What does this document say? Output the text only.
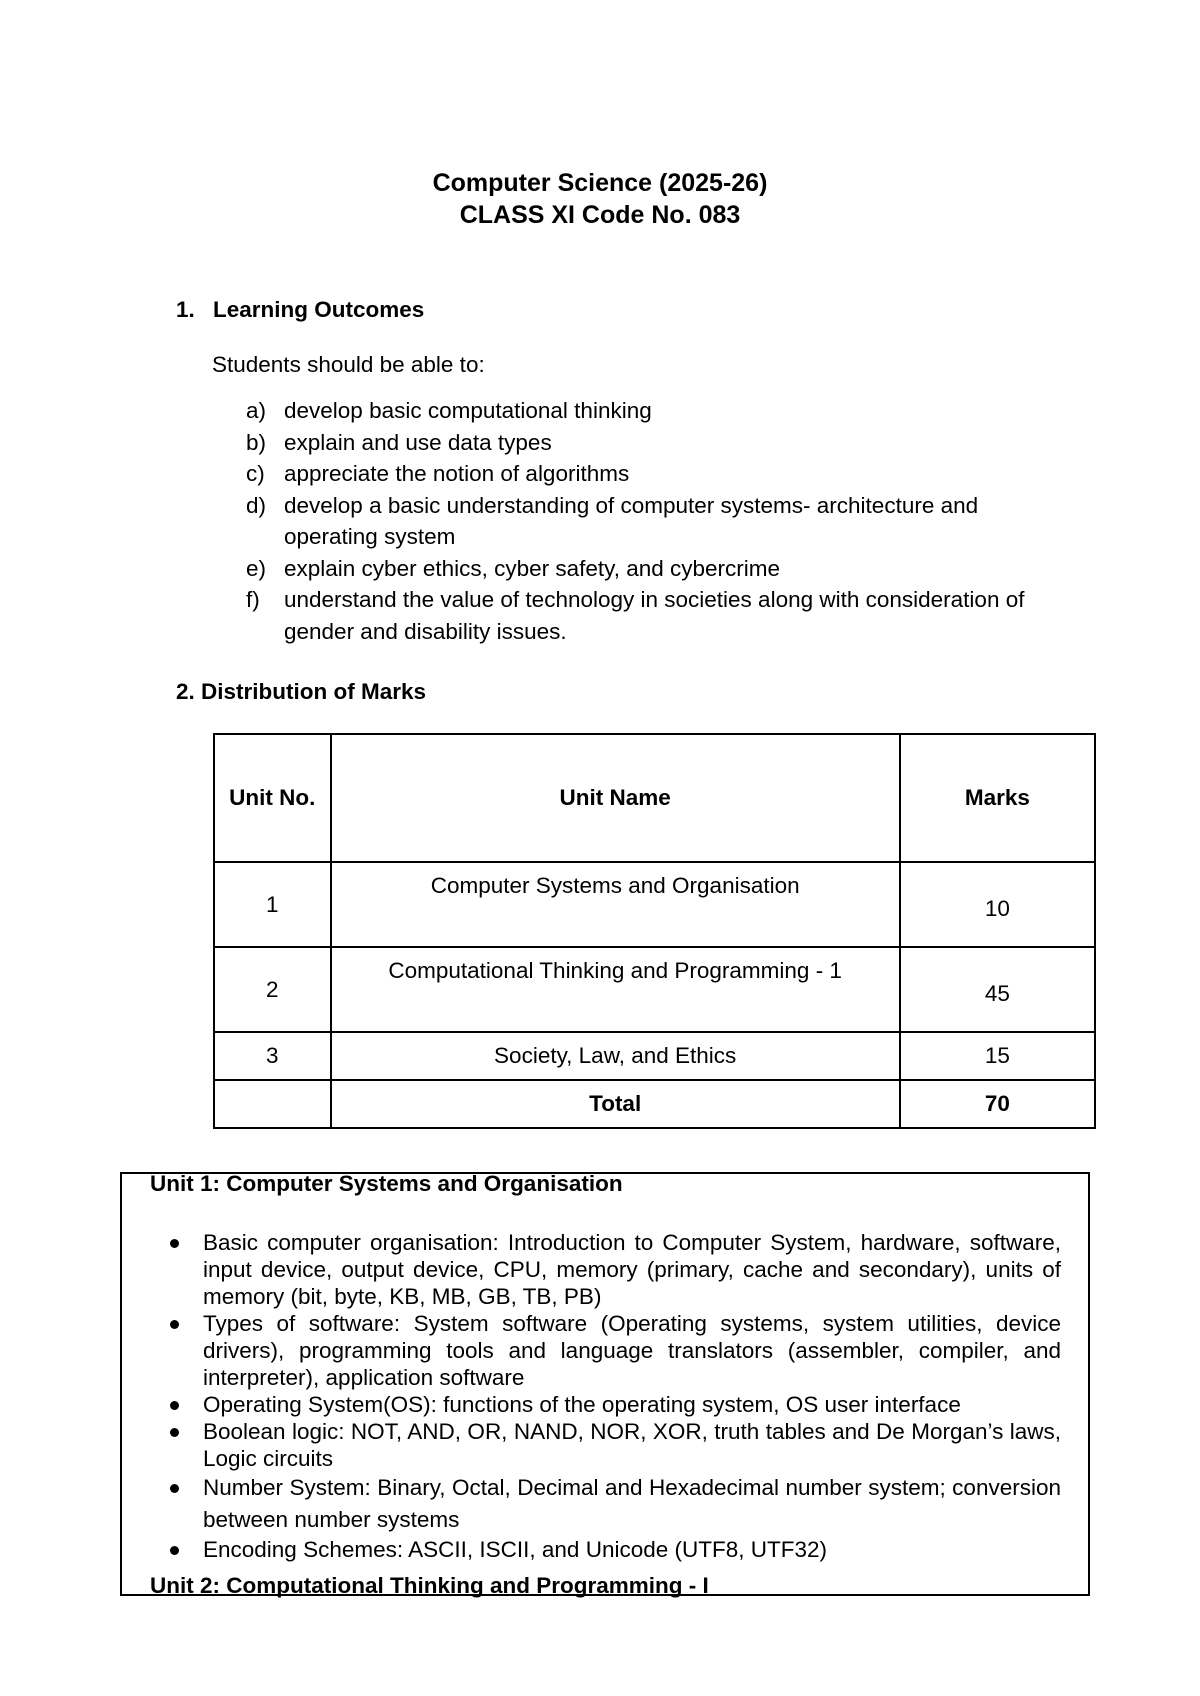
Computer Science (2025-26)
CLASS XI Code No. 083
1. Learning Outcomes
Students should be able to:
a) develop basic computational thinking
b) explain and use data types
c) appreciate the notion of algorithms
d) develop a basic understanding of computer systems- architecture and operating system
e) explain cyber ethics, cyber safety, and cybercrime
f) understand the value of technology in societies along with consideration of gender and disability issues.
2. Distribution of Marks
Unit No.	Unit Name	Marks
1	Computer Systems and Organisation	10
2	Computational Thinking and Programming - 1	45
3	Society, Law, and Ethics	15
	Total	70
Unit 1: Computer Systems and Organisation
Basic computer organisation: Introduction to Computer System, hardware, software, input device, output device, CPU, memory (primary, cache and secondary), units of memory (bit, byte, KB, MB, GB, TB, PB)
Types of software: System software (Operating systems, system utilities, device drivers), programming tools and language translators (assembler, compiler, and interpreter), application software
Operating System(OS): functions of the operating system, OS user interface
Boolean logic: NOT, AND, OR, NAND, NOR, XOR, truth tables and De Morgan’s laws, Logic circuits
Number System: Binary, Octal, Decimal and Hexadecimal number system; conversion between number systems
Encoding Schemes: ASCII, ISCII, and Unicode (UTF8, UTF32)
Unit 2: Computational Thinking and Programming - I
